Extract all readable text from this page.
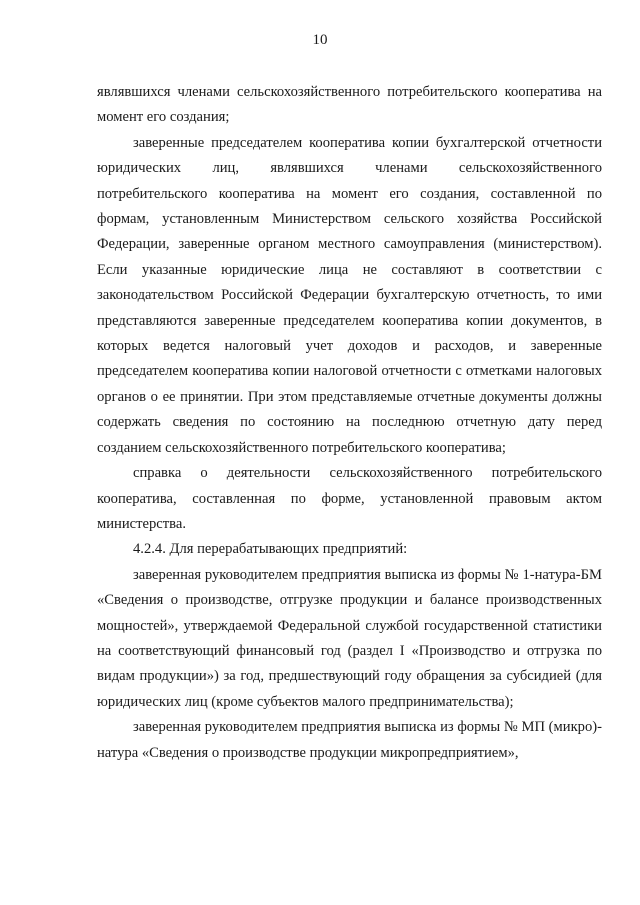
10

являвшихся членами сельскохозяйственного потребительского кооператива на момент его создания;

заверенные председателем кооператива копии бухгалтерской отчетности юридических лиц, являвшихся членами сельскохозяйственного потребительского кооператива на момент его создания, составленной по формам, установленным Министерством сельского хозяйства Российской Федерации, заверенные органом местного самоуправления (министерством). Если указанные юридические лица не составляют в соответствии с законодательством Российской Федерации бухгалтерскую отчетность, то ими представляются заверенные председателем кооператива копии документов, в которых ведется налоговый учет доходов и расходов, и заверенные председателем кооператива копии налоговой отчетности с отметками налоговых органов о ее принятии. При этом представляемые отчетные документы должны содержать сведения по состоянию на последнюю отчетную дату перед созданием сельскохозяйственного потребительского кооператива;

справка о деятельности сельскохозяйственного потребительского кооператива, составленная по форме, установленной правовым актом министерства.

4.2.4. Для перерабатывающих предприятий:

заверенная руководителем предприятия выписка из формы № 1-натура-БМ «Сведения о производстве, отгрузке продукции и балансе производственных мощностей», утверждаемой Федеральной службой государственной статистики на соответствующий финансовый год (раздел I «Производство и отгрузка по видам продукции») за год, предшествующий году обращения за субсидией (для юридических лиц (кроме субъектов малого предпринимательства);

заверенная руководителем предприятия выписка из формы № МП (микро)-натура «Сведения о производстве продукции микропредприятием»,
